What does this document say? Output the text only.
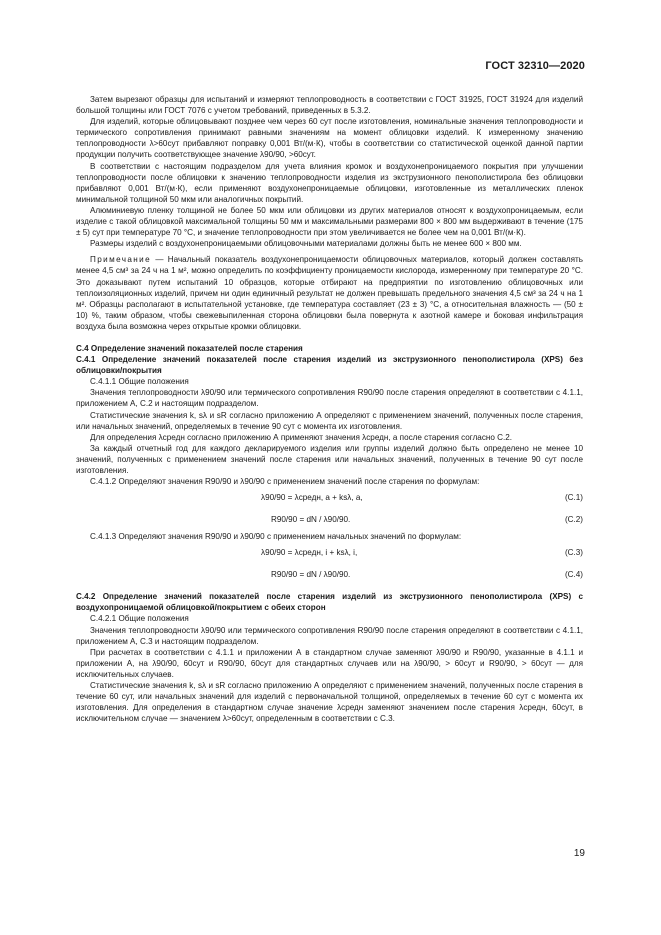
ГОСТ 32310—2020

Затем вырезают образцы для испытаний и измеряют теплопроводность в соответствии с ГОСТ 31925, ГОСТ 31924 для изделий большой толщины или ГОСТ 7076 с учетом требований, приведенных в 5.3.2.

Для изделий, которые облицовывают позднее чем через 60 сут после изготовления, номинальные значения теплопроводности и термического сопротивления принимают равными значениям на момент облицовки изделий. К измеренному значению теплопроводности λ>60сут прибавляют поправку 0,001 Вт/(м·К), чтобы в соответствии со статистической оценкой данной партии продукции получить соответствующее значение λ90/90, >60сут.

В соответствии с настоящим подразделом для учета влияния кромок и воздухонепроницаемого покрытия при улучшении теплопроводности после облицовки к значению теплопроводности изделия из экструзионного пенополистирола без облицовки прибавляют 0,001 Вт/(м·К), если применяют воздухонепроницаемые облицовки, изготовленные из металлических пленок минимальной толщиной 50 мкм или аналогичных покрытий.

Алюминиевую пленку толщиной не более 50 мкм или облицовки из других материалов относят к воздухопроницаемым, если изделие с такой облицовкой максимальной толщины 50 мм и максимальными размерами 800 × 800 мм выдерживают в течение (175 ± 5) сут при температуре 70 °С, и значение теплопроводности при этом увеличивается не более чем на 0,001 Вт/(м·К).

Размеры изделий с воздухонепроницаемыми облицовочными материалами должны быть не менее 600 × 800 мм.

Примечание — Начальный показатель воздухонепроницаемости облицовочных материалов, который должен составлять менее 4,5 см³ за 24 ч на 1 м², можно определить по коэффициенту проницаемости кислорода, измеренному при температуре 20 °С. Это доказывают путем испытаний 10 образцов, которые отбирают на предприятии по изготовлению облицовочных или теплоизоляционных изделий, причем ни один единичный результат не должен превышать предельного значения 4,5 см³ за 24 ч на 1 м². Образцы располагают в испытательной установке, где температура составляет (23 ± 3) °С, а относительная влажность — (50 ± 10) %, таким образом, чтобы свежевыпиленная сторона облицовки была повернута к азотной камере и боковая инфильтрация воздуха была возможна через открытые кромки облицовки.

С.4 Определение значений показателей после старения

С.4.1 Определение значений показателей после старения изделий из экструзионного пенополистирола (XPS) без облицовки/покрытия

С.4.1.1 Общие положения

Значения теплопроводности λ90/90 или термического сопротивления R90/90 после старения определяют в соответствии с 4.1.1, приложением А, С.2 и настоящим подразделом.

Статистические значения k, sλ и sR согласно приложению А определяют с применением значений, полученных после старения, или начальных значений, определяемых в течение 90 сут с момента их изготовления.

Для определения λсредн согласно приложению А применяют значения λсредн, a после старения согласно С.2.

За каждый отчетный год для каждого декларируемого изделия или группы изделий должно быть определено не менее 10 значений, полученных с применением значений после старения или начальных значений, полученных в течение 90 сут после изготовления.

С.4.1.2 Определяют значения R90/90 и λ90/90 с применением значений после старения по формулам:

λ90/90 = λсредн, a + ksλ, a,	(С.1)
R90/90 = dN / λ90/90.	(С.2)

С.4.1.3 Определяют значения R90/90 и λ90/90 с применением начальных значений по формулам:

λ90/90 = λсредн, i + ksλ, i,	(С.3)
R90/90 = dN / λ90/90.	(С.4)

С.4.2 Определение значений показателей после старения изделий из экструзионного пенополистирола (XPS) с воздухопроницаемой облицовкой/покрытием с обеих сторон

С.4.2.1 Общие положения

Значения теплопроводности λ90/90 или термического сопротивления R90/90 после старения определяют в соответствии с 4.1.1, приложением А, С.3 и настоящим подразделом.

При расчетах в соответствии с 4.1.1 и приложении А в стандартном случае заменяют λ90/90 и R90/90, указанные в 4.1.1 и приложении А, на λ90/90, 60сут и R90/90, 60сут для стандартных случаев или на λ90/90, > 60сут и R90/90, > 60сут — для исключительных случаев.

Статистические значения k, sλ и sR согласно приложению А определяют с применением значений, полученных после старения в течение 60 сут, или начальных значений для изделий с первоначальной толщиной, определяемых в течение 60 сут с момента их изготовления. Для определения в стандартном случае значение λсредн заменяют значением после старения λсредн, 60сут, в исключительном случае — значением λ>60сут, определенным в соответствии с С.3.

19
